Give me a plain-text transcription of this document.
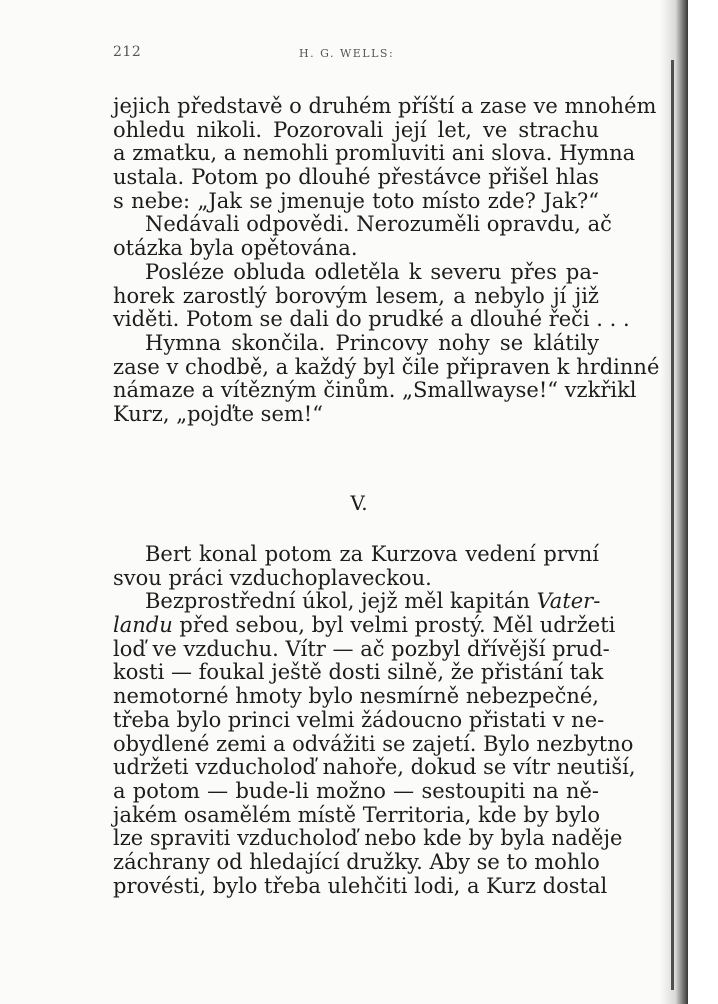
212	H. G. WELLS:
jejich představě o druhém příští a zase ve mnohém
ohledu nikoli. Pozorovali její let, ve strachu
a zmatku, a nemohli promluviti ani slova. Hymna
ustala. Potom po dlouhé přestávce přišel hlas
s nebe: „Jak se jmenuje toto místo zde? Jak?“
Nedávali odpovědi. Nerozuměli opravdu, ač
otázka byla opětována.
Posléze obluda odletěla k severu přes pa-
horek zarostlý borovým lesem, a nebylo jí již
viděti. Potom se dali do prudké a dlouhé řeči . . .
Hymna skončila. Princovy nohy se klátily
zase v chodbě, a každý byl čile připraven k hrdinné
námaze a vítězným činům. „Smallwayse!“ vzkřikl
Kurz, „pojďte sem!“
V.
Bert konal potom za Kurzova vedení první
svou práci vzduchoplaveckou.
Bezprostřední úkol, jejž měl kapitán Vater-
landu před sebou, byl velmi prostý. Měl udržeti
loď ve vzduchu. Vítr — ač pozbyl dřívější prud-
kosti — foukal ještě dosti silně, že přistání tak
nemotorné hmoty bylo nesmírně nebezpečné,
třeba bylo princi velmi žádoucno přistati v ne-
obydlené zemi a odvážiti se zajetí. Bylo nezbytno
udržeti vzducholoď nahoře, dokud se vítr neutiší,
a potom — bude-li možno — sestoupiti na ně-
jakém osamělém místě Territoria, kde by bylo
lze spraviti vzducholoď nebo kde by byla naděje
záchrany od hledající družky. Aby se to mohlo
provésti, bylo třeba ulehčiti lodi, a Kurz dostal
